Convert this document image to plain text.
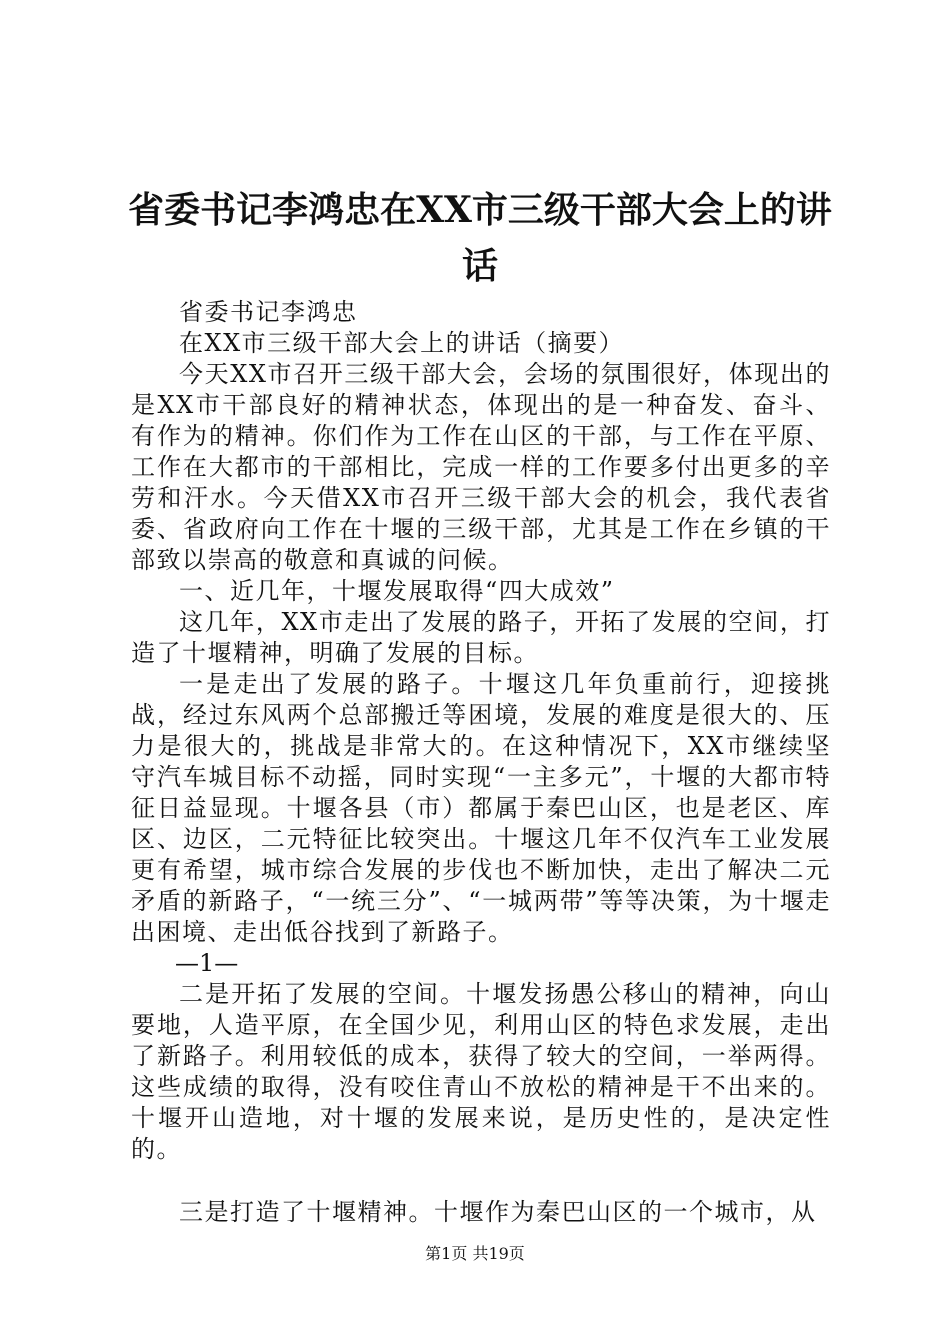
省委书记李鸿忠在XX市三级干部大会上的讲话

省委书记李鸿忠

在XX市三级干部大会上的讲话（摘要）

今天XX市召开三级干部大会，会场的氛围很好，体现出的是XX市干部良好的精神状态，体现出的是一种奋发、奋斗、有作为的精神。你们作为工作在山区的干部，与工作在平原、工作在大都市的干部相比，完成一样的工作要多付出更多的辛劳和汗水。今天借XX市召开三级干部大会的机会，我代表省委、省政府向工作在十堰的三级干部，尤其是工作在乡镇的干部致以崇高的敬意和真诚的问候。

一、近几年，十堰发展取得“四大成效”

这几年，XX市走出了发展的路子，开拓了发展的空间，打造了十堰精神，明确了发展的目标。

一是走出了发展的路子。十堰这几年负重前行，迎接挑战，经过东风两个总部搬迁等困境，发展的难度是很大的、压力是很大的，挑战是非常大的。在这种情况下，XX市继续坚守汽车城目标不动摇，同时实现“一主多元”，十堰的大都市特征日益显现。十堰各县（市）都属于秦巴山区，也是老区、库区、边区，二元特征比较突出。十堰这几年不仅汽车工业发展更有希望，城市综合发展的步伐也不断加快，走出了解决二元矛盾的新路子，“一统三分”、“一城两带”等等决策，为十堰走出困境、走出低谷找到了新路子。

—1—

二是开拓了发展的空间。十堰发扬愚公移山的精神，向山要地，人造平原，在全国少见，利用山区的特色求发展，走出了新路子。利用较低的成本，获得了较大的空间，一举两得。这些成绩的取得，没有咬住青山不放松的精神是干不出来的。十堰开山造地，对十堰的发展来说，是历史性的，是决定性的。

三是打造了十堰精神。十堰作为秦巴山区的一个城市，从

第1页 共19页
